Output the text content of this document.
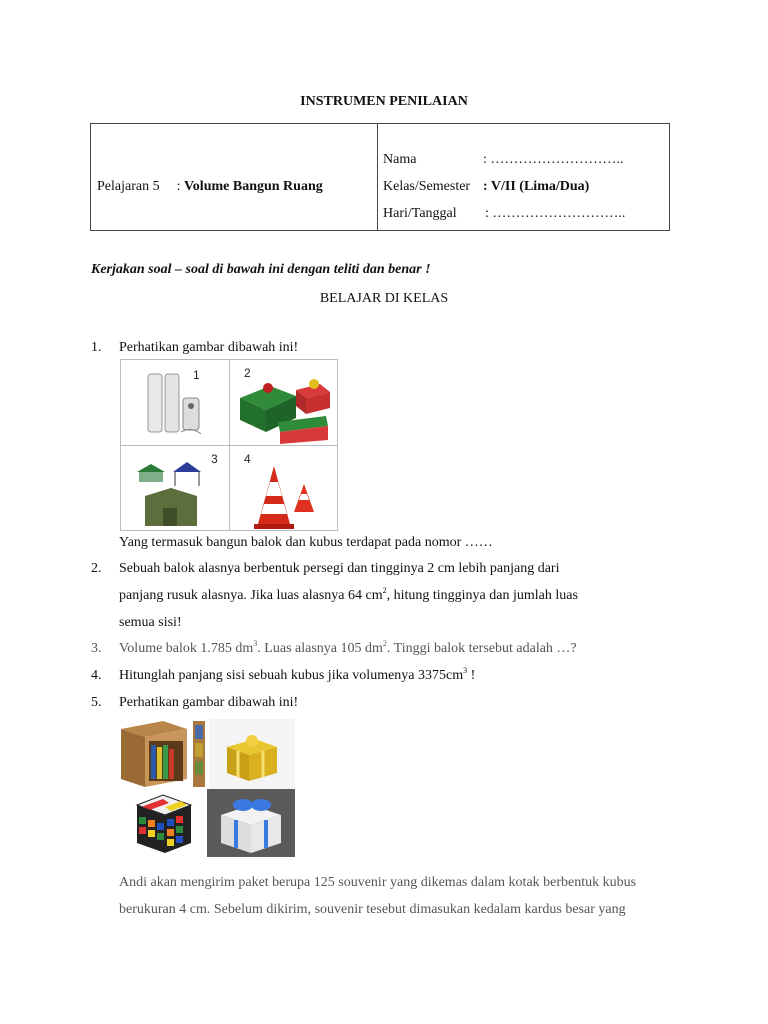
INSTRUMEN PENILAIAN
Pelajaran 5 : Volume Bangun Ruang
Nama	: ………………………..
Kelas/Semester : V/II (Lima/Dua)
Hari/Tanggal : ………………………..
Kerjakan soal – soal di bawah ini dengan teliti dan benar !
BELAJAR DI KELAS
1. Perhatikan gambar dibawah ini!
1	2
3 4
Yang termasuk bangun balok dan kubus terdapat pada nomor ……
2. Sebuah balok alasnya berbentuk persegi dan tingginya 2 cm lebih panjang dari
panjang rusuk alasnya. Jika luas alasnya 64 $cm^2$, hitung tingginya dan jumlah luas
semua sisi!
3. Volume balok 1.785 $dm^3$. Luas alasnya 105 $dm^2$. Tinggi balok tersebut adalah …?
4. Hitunglah panjang sisi sebuah kubus jika volumenya $3375cm^3$ !
5. Perhatikan gambar dibawah ini!
Andi akan mengirim paket berupa 125 souvenir yang dikemas dalam kotak berbentuk kubus
berukuran 4 cm. Sebelum dikirim, souvenir tesebut dimasukan kedalam kardus besar yang
